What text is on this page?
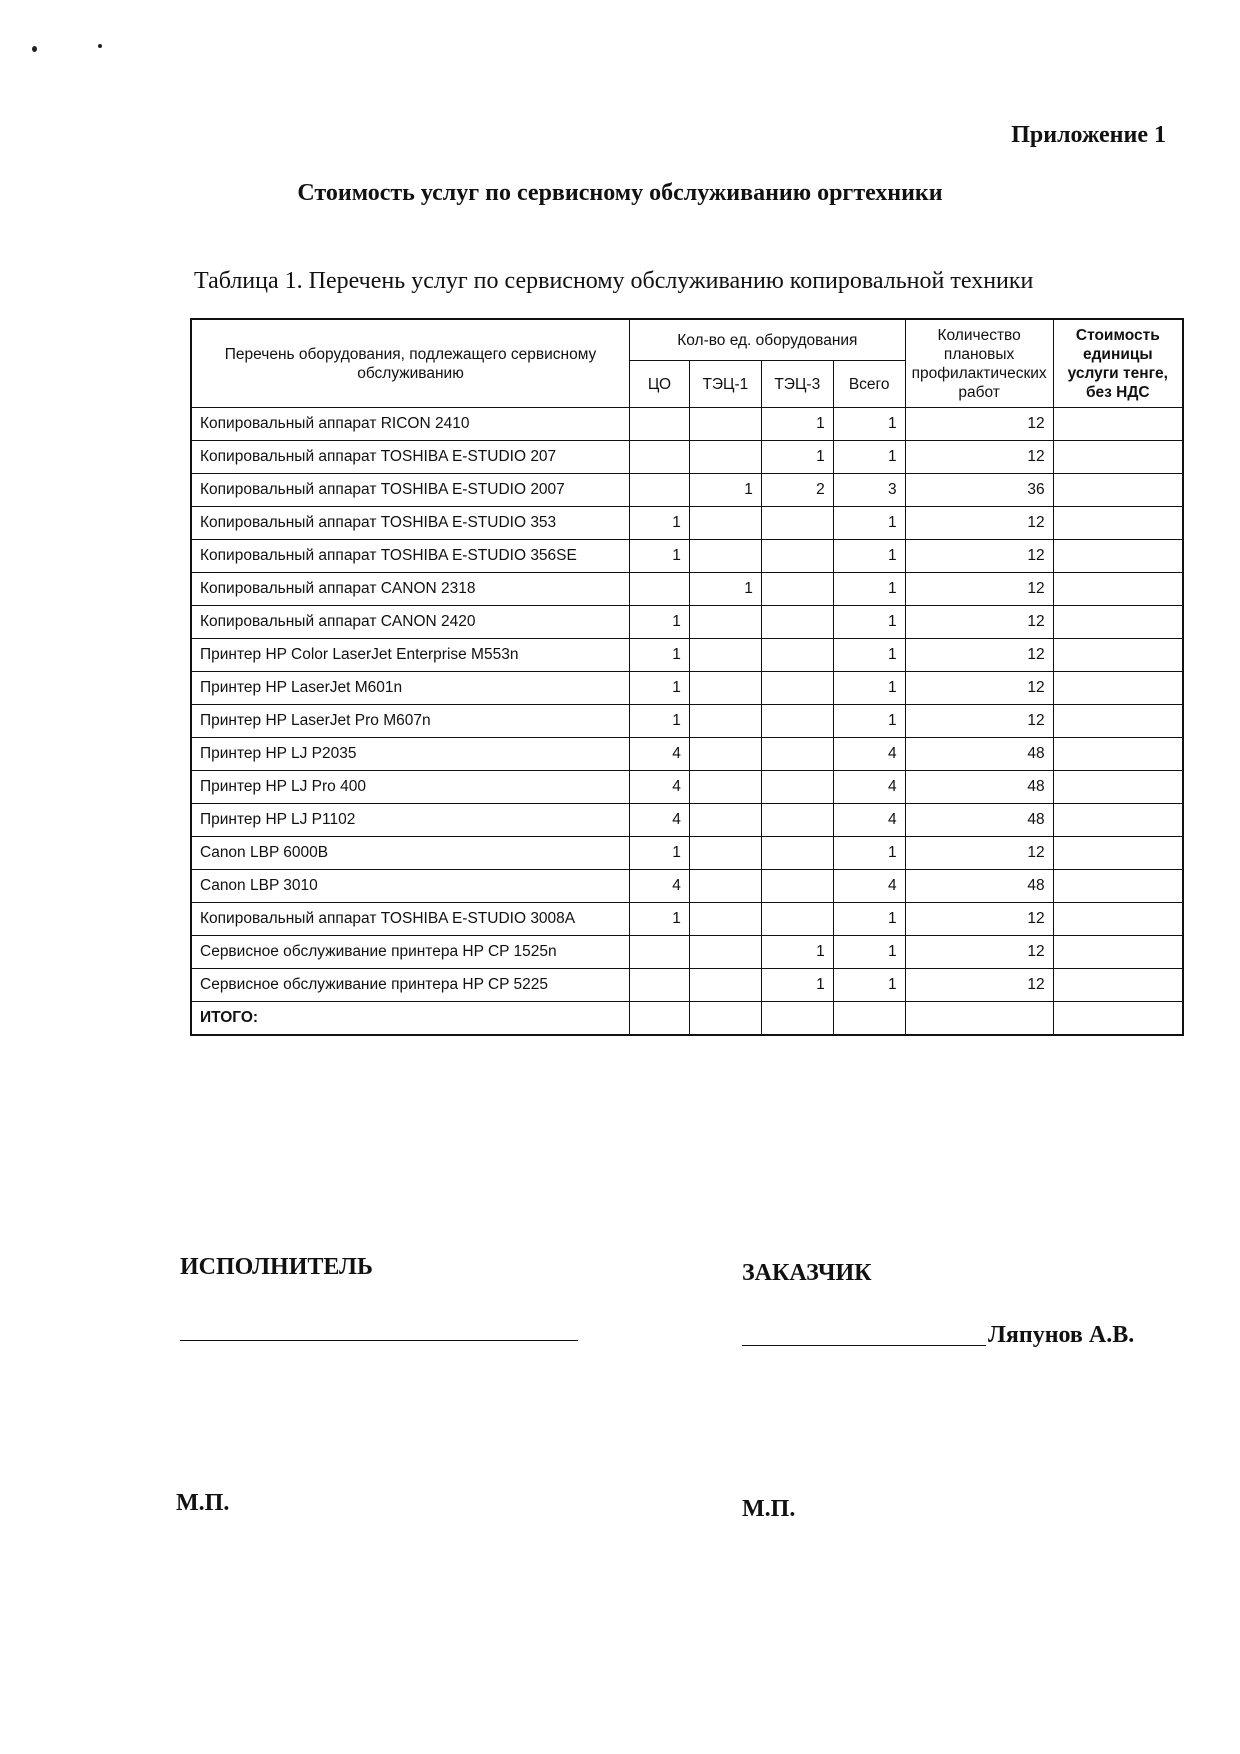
Приложение 1
Стоимость услуг по сервисному обслуживанию оргтехники
Таблица 1. Перечень услуг по сервисному обслуживанию копировальной техники
Перечень оборудования, подлежащего сервисному обслуживанию	Кол-во ед. оборудования				Количество плановых профилактических работ	Стоимость единицы услуги тенге, без НДС
	ЦО	ТЭЦ-1	ТЭЦ-3	Всего		
Копировальный аппарат RICON 2410			1	1	12	
Копировальный аппарат TOSHIBA E-STUDIO 207			1	1	12	
Копировальный аппарат TOSHIBA E-STUDIO 2007		1	2	3	36	
Копировальный аппарат TOSHIBA E-STUDIO 353	1			1	12	
Копировальный аппарат TOSHIBA E-STUDIO 356SE	1			1	12	
Копировальный аппарат CANON 2318		1		1	12	
Копировальный аппарат CANON 2420	1			1	12	
Принтер HP Color LaserJet Enterprise M553n	1			1	12	
Принтер HP LaserJet M601n	1			1	12	
Принтер HP LaserJet Pro M607n	1			1	12	
Принтер HP LJ P2035	4			4	48	
Принтер HP LJ Pro 400	4			4	48	
Принтер HP LJ P1102	4			4	48	
Canon LBP 6000B	1			1	12	
Canon LBP 3010	4			4	48	
Копировальный аппарат TOSHIBA E-STUDIO 3008A	1			1	12	
Сервисное обслуживание принтера HP CP 1525n			1	1	12	
Сервисное обслуживание принтера HP CP 5225			1	1	12	
ИТОГО:						
ИСПОЛНИТЕЛЬ	ЗАКАЗЧИК
Ляпунов А.В.
М.П.	М.П.
